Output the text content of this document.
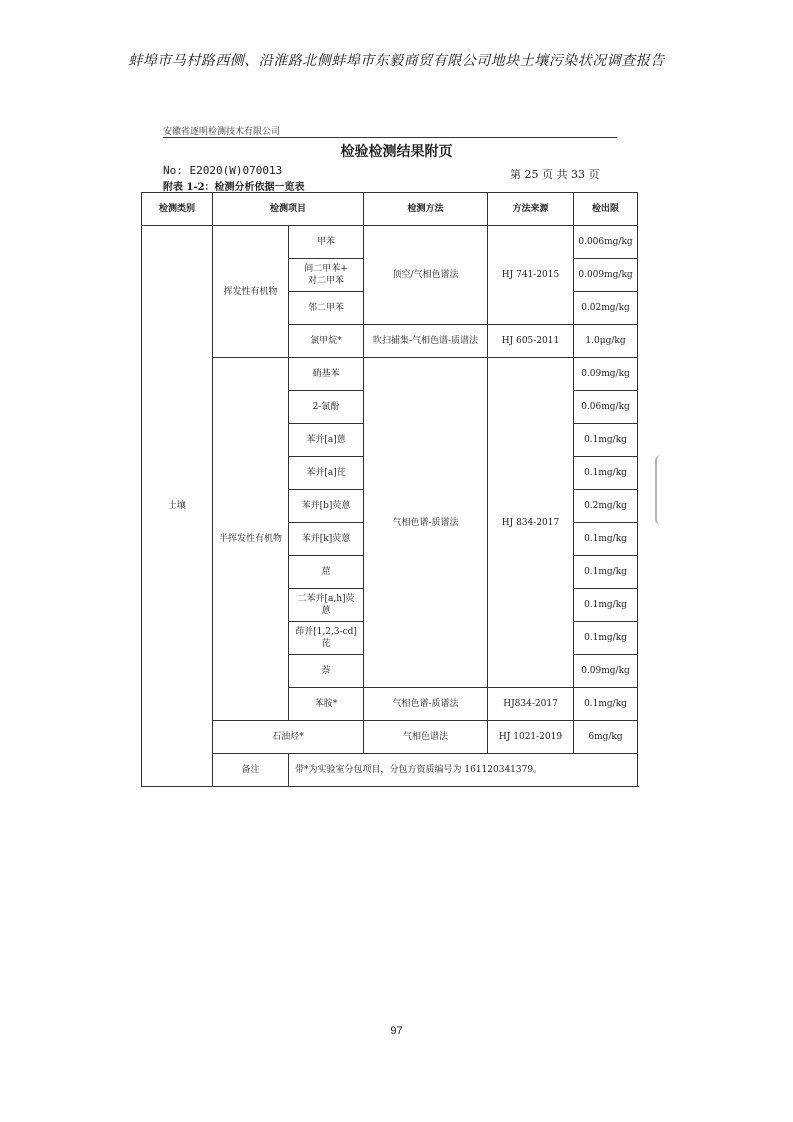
蚌埠市马村路西侧、沿淮路北侧蚌埠市东毅商贸有限公司地块土壤污染状况调查报告
安徽省逐明检测技术有限公司
检验检测结果附页
No: E2020(W)070013	第 25 页 共 33 页
附表 1-2：检测分析依据一览表
检测类别	检测项目		检测方法	方法来源	检出限
土壤	挥发性有机物	甲苯	顶空/气相色谱法	HJ 741-2015	0.006mg/kg
		间二甲苯+
对二甲苯			0.009mg/kg
		邻二甲苯			0.02mg/kg
		氯甲烷*	吹扫捕集-气相色谱-质谱法	HJ 605-2011	1.0μg/kg
	半挥发性有机物	硝基苯	气相色谱-质谱法	HJ 834-2017	0.09mg/kg
		2-氯酚			0.06mg/kg
		苯并[a]蒽			0.1mg/kg
		苯并[a]芘			0.1mg/kg
		苯并[b]荧蒽			0.2mg/kg
		苯并[k]荧蒽			0.1mg/kg
		䓛			0.1mg/kg
		二苯并[a,h]荧
蒽			0.1mg/kg
		茚并[1,2,3-cd]
芘			0.1mg/kg
		萘			0.09mg/kg
		苯胺*	气相色谱-质谱法	HJ834-2017	0.1mg/kg
	石油烃*		气相色谱法	HJ 1021-2019	6mg/kg
	备注	带*为实验室分包项目，分包方资质编号为 161120341379。			
97
